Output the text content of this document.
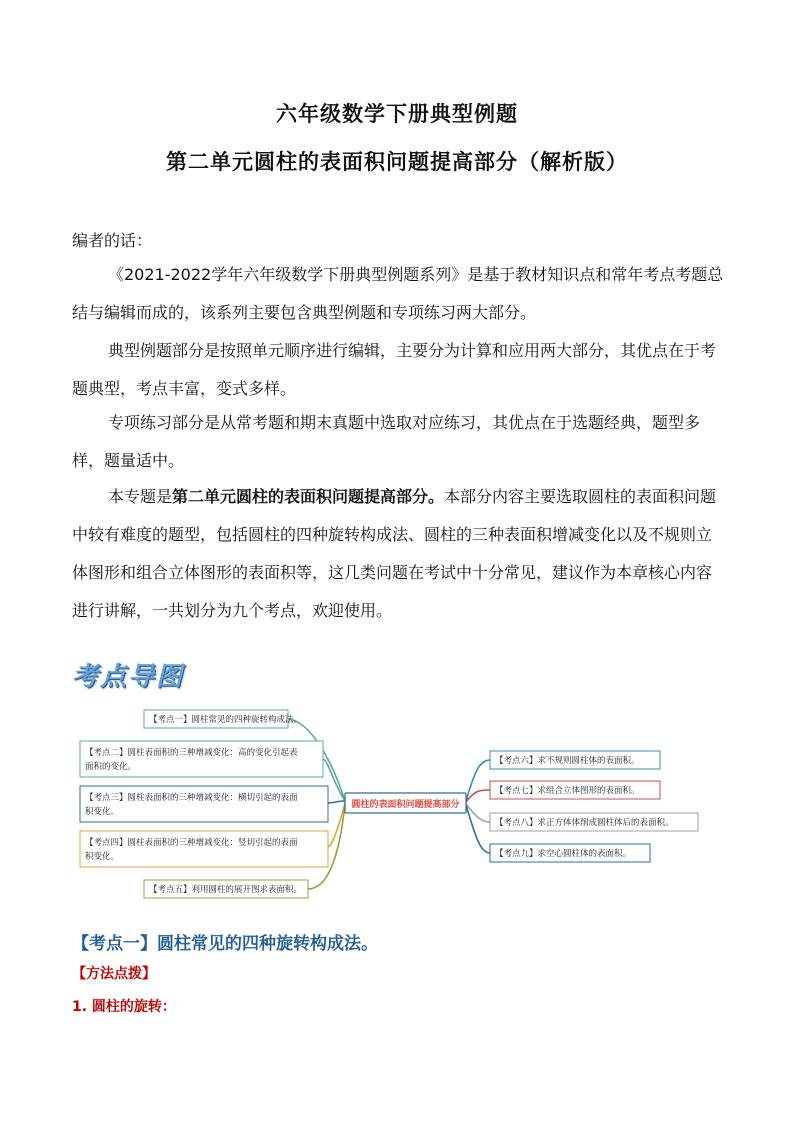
六年级数学下册典型例题
第二单元圆柱的表面积问题提高部分（解析版）
编者的话：
《2021-2022学年六年级数学下册典型例题系列》是基于教材知识点和常年考点考题总结与编辑而成的，该系列主要包含典型例题和专项练习两大部分。
典型例题部分是按照单元顺序进行编辑，主要分为计算和应用两大部分，其优点在于考题典型，考点丰富，变式多样。
专项练习部分是从常考题和期末真题中选取对应练习，其优点在于选题经典，题型多样，题量适中。
本专题是第二单元圆柱的表面积问题提高部分。本部分内容主要选取圆柱的表面积问题中较有难度的题型，包括圆柱的四种旋转构成法、圆柱的三种表面积增减变化以及不规则立体图形和组合立体图形的表面积等，这几类问题在考试中十分常见，建议作为本章核心内容进行讲解，一共划分为九个考点，欢迎使用。
考点导图
圆柱的表面积问题提高部分
【考点一】圆柱常见的四种旋转构成法。
【考点二】圆柱表面积的三种增减变化：高的变化引起表
面积的变化。
【考点三】圆柱表面积的三种增减变化：横切引起的表面
积变化。
【考点四】圆柱表面积的三种增减变化：竖切引起的表面
积变化。
【考点五】利用圆柱的展开图求表面积。
【考点六】求不规则圆柱体的表面积。
【考点七】求组合立体图形的表面积。
【考点八】求正方体体削成圆柱体后的表面积。
【考点九】求空心圆柱体的表面积。
【考点一】圆柱常见的四种旋转构成法。
【方法点拨】
1. 圆柱的旋转：
